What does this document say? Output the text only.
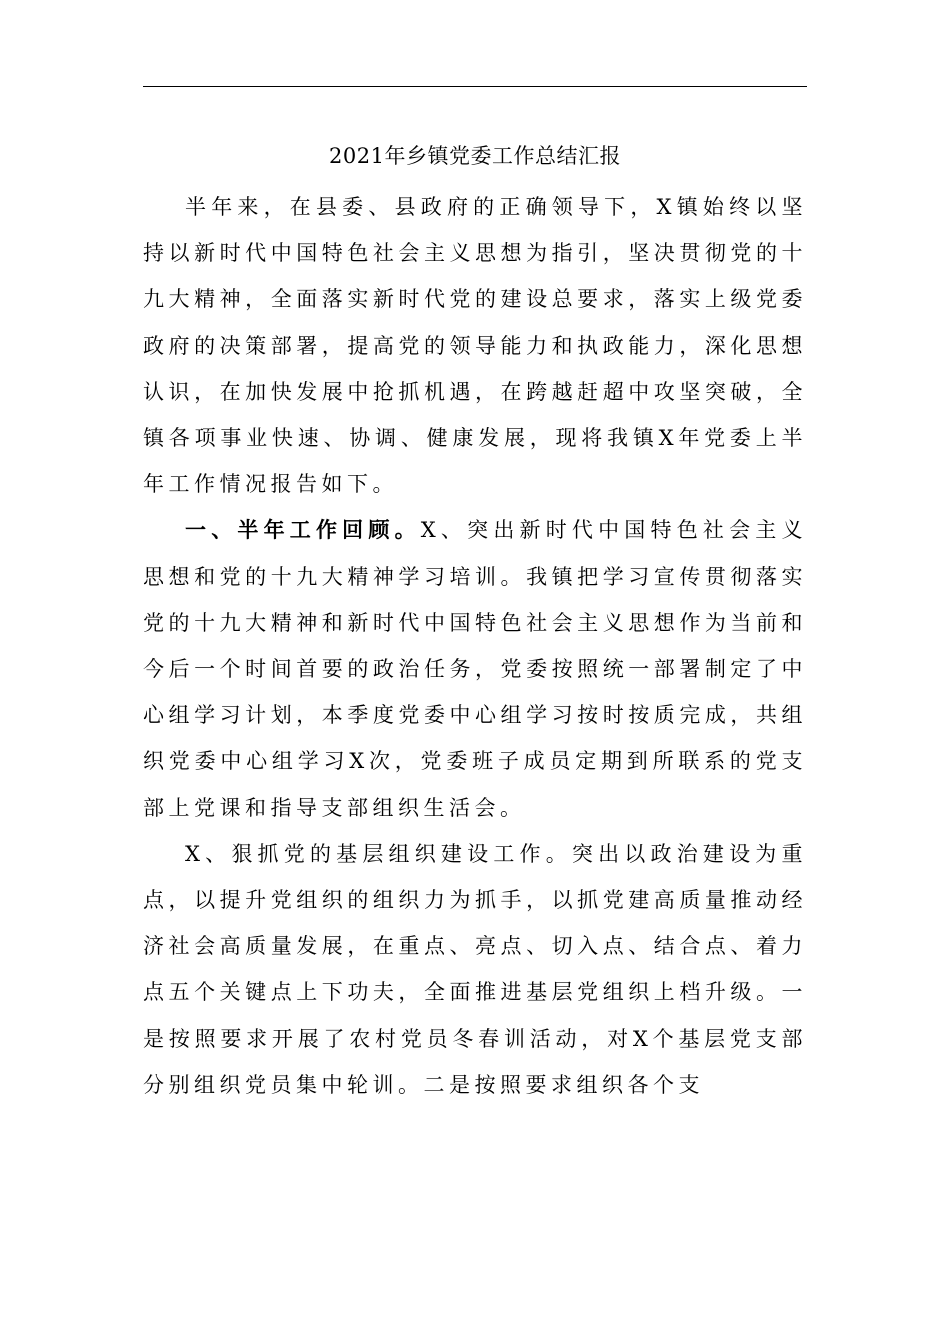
2021年乡镇党委工作总结汇报

半年来，在县委、县政府的正确领导下，X镇始终以坚持以新时代中国特色社会主义思想为指引，坚决贯彻党的十九大精神，全面落实新时代党的建设总要求，落实上级党委政府的决策部署，提高党的领导能力和执政能力，深化思想认识，在加快发展中抢抓机遇，在跨越赶超中攻坚突破，全镇各项事业快速、协调、健康发展，现将我镇X年党委上半年工作情况报告如下。

一、半年工作回顾。X、突出新时代中国特色社会主义思想和党的十九大精神学习培训。我镇把学习宣传贯彻落实党的十九大精神和新时代中国特色社会主义思想作为当前和今后一个时间首要的政治任务，党委按照统一部署制定了中心组学习计划，本季度党委中心组学习按时按质完成，共组织党委中心组学习X次，党委班子成员定期到所联系的党支部上党课和指导支部组织生活会。

X、狠抓党的基层组织建设工作。突出以政治建设为重点，以提升党组织的组织力为抓手，以抓党建高质量推动经济社会高质量发展，在重点、亮点、切入点、结合点、着力点五个关键点上下功夫，全面推进基层党组织上档升级。一是按照要求开展了农村党员冬春训活动，对X个基层党支部分别组织党员集中轮训。二是按照要求组织各个支
